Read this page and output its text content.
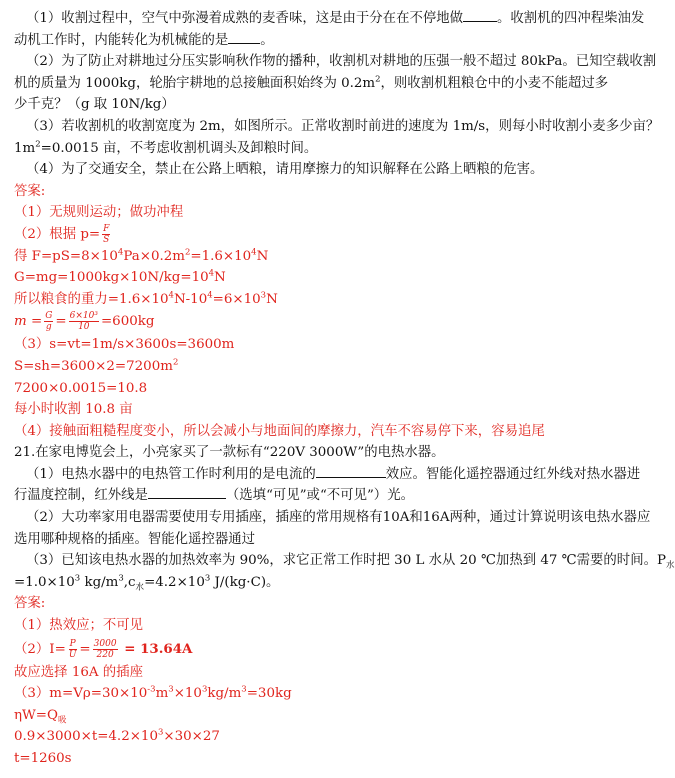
（1）收割过程中，空气中弥漫着成熟的麦香味，这是由于分在在不停地做	。收割机的四冲程柴油发

动机工作时，内能转化为机械能的是 。

（2）为了防止对耕地过分压实影响秋作物的播种，收割机对耕地的压强一般不超过 80kPa。已知空载收割

机的质量为 1000kg，轮胎宇耕地的总接触面积始终为 $0.2m^2$，则收割机粗粮仓中的小麦不能超过多

少千克？（g 取 10N/kg）

（3）若收割机的收割宽度为 2m，如图所示。正常收割时前进的速度为 1m/s，则每小时收割小麦多少亩？

$1m^2=0.0015$ 亩，不考虑收割机调头及卸粮时间。

（4）为了交通安全，禁止在公路上晒粮，请用摩擦力的知识解释在公路上晒粮的危害。

答案:

（1）无规则运动；做功冲程

（2）根据 $p= \frac{F}{S}$

得 $F=pS=8\times 10^4Pa\times 0.2m^2=1.6\times 10^4N$

$G=mg=1000kg\times 10N/kg=10^4N$

所以粮食的重力$=1.6\times 10^4N-10^4=6\times 10^3N$

$m = \frac{G}{g} = \frac{\text{6×10³}}{10} =600kg$

（3）s=vt=1m/s×3600s=3600m

$S=sh=3600\times 2=7200m^2$

7200×0.0015=10.8

每小时收割 10.8 亩

（4）接触面粗糙程度变小，所以会减小与地面间的摩擦力，汽车不容易停下来，容易追尾

21.在家电博览会上，小亮家买了一款标有“220V 3000W”的电热水器。

（1）电热水器中的电热管工作时利用的是电流的	效应。智能化遥控器通过红外线对热水器进

行温度控制，红外线是	（选填“可见”或“不可见”）光。

（2）大功率家用电器需要使用专用插座，插座的常用规格有10A和16A两种，通过计算说明该电热水器应

选用哪种规格的插座。智能化遥控器通过

（3）已知该电热水器的加热效率为 90%，求它正常工作时把 30 L 水从 20 ℃加热到 47 ℃需要的时间。$P_水$

$=1.0\times 10^3$ $kg/m^3,c_水=4.2\times 10^3$ J/(kg·C)。

答案:

（1）热效应；不可见

$(2)I= \frac{P}{U} = \frac{3000}{220} = 13.64A$

故应选择 16A 的插座

$(3)m=V\rho=30\times 10^{-3}m^3\times 10^3kg/m^3=30kg$

$\eta W=Q_吸$

$0.9\times 3000\times t=4.2\times 10^3\times 30\times 27$

t=1260s
